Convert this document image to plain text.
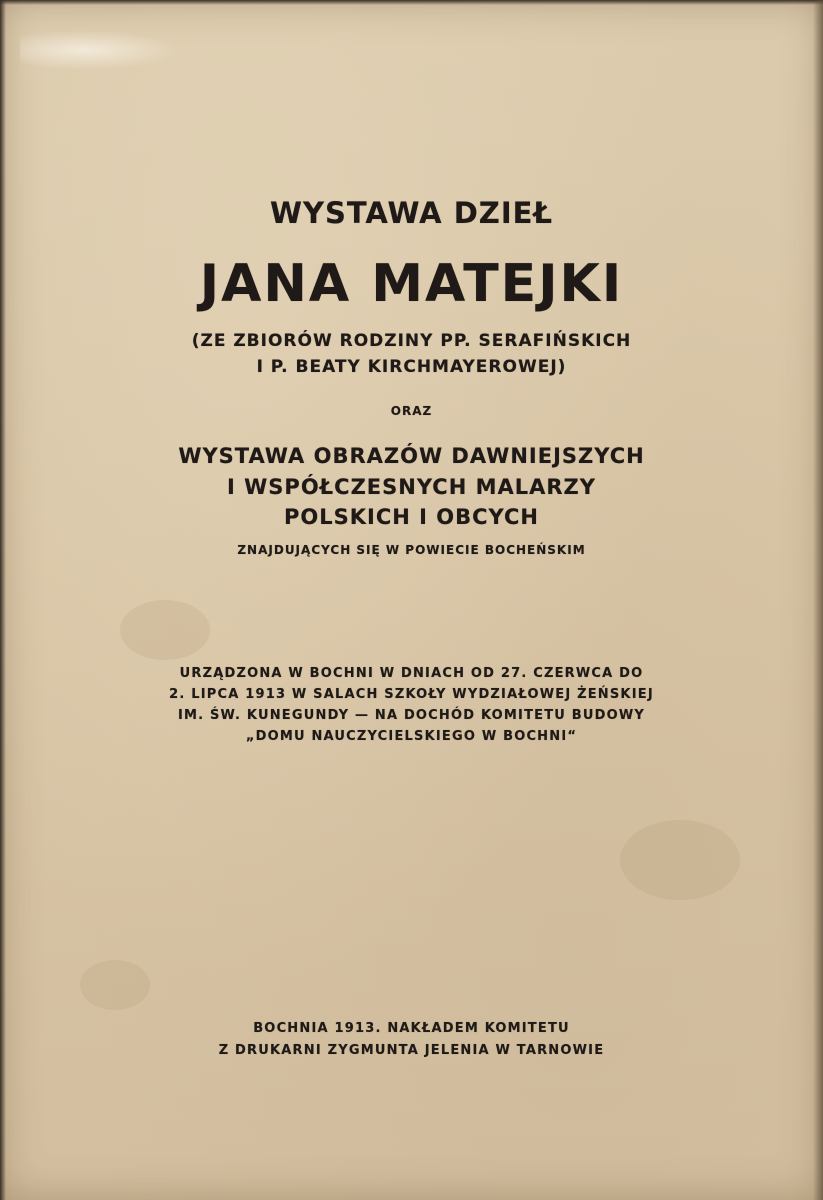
WYSTAWA DZIEŁ
JANA MATEJKI
(ZE ZBIORÓW RODZINY PP. SERAFIŃSKICH
I P. BEATY KIRCHMAYEROWEJ)
ORAZ
WYSTAWA OBRAZÓW DAWNIEJSZYCH
I WSPÓŁCZESNYCH MALARZY
POLSKICH I OBCYCH
ZNAJDUJĄCYCH SIĘ W POWIECIE BOCHEŃSKIM
URZĄDZONA W BOCHNI W DNIACH OD 27. CZERWCA DO
2. LIPCA 1913 W SALACH SZKOŁY WYDZIAŁOWEJ ŻEŃSKIEJ
IM. ŚW. KUNEGUNDY — NA DOCHÓD KOMITETU BUDOWY
„DOMU NAUCZYCIELSKIEGO W BOCHNI“
BOCHNIA 1913. NAKŁADEM KOMITETU
Z DRUKARNI ZYGMUNTA JELENIA W TARNOWIE
